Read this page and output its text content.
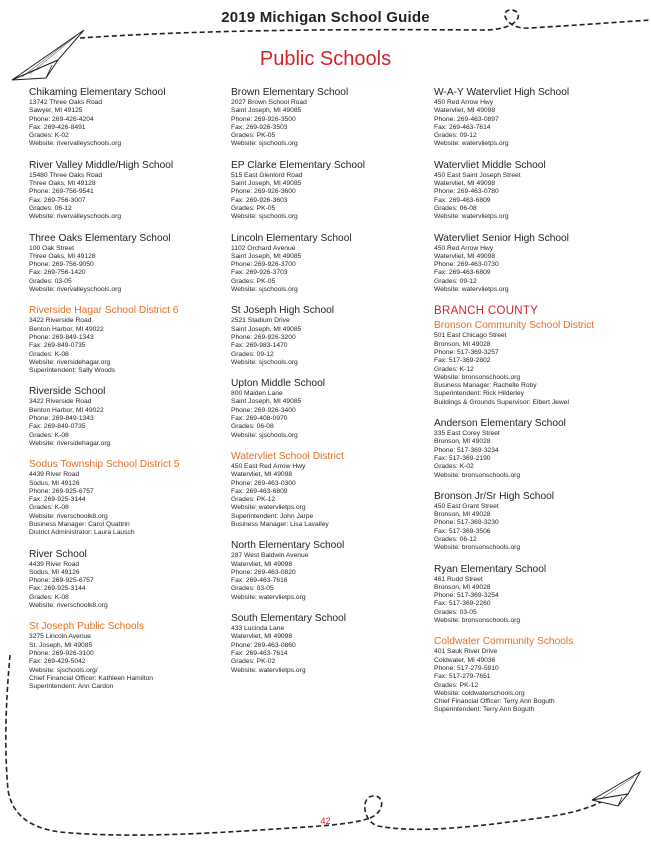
2019 Michigan School Guide
Public Schools
Chikaming Elementary School
13742 Three Oaks Road
Sawyer, MI 49125
Phone: 269-426-4204
Fax: 269-426-8491
Grades: K-02
Website: rivervalleyschools.org
River Valley Middle/High School
15480 Three Oaks Road
Three Oaks, MI 49128
Phone: 269-756-9541
Fax: 269-756-3007
Grades: 06-12
Website: rivervalleyschools.org
Three Oaks Elementary School
100 Oak Street
Three Oaks, MI 49128
Phone: 269-756-9050
Fax: 269-756-1420
Grades: 03-05
Website: rivervalleyschools.org
Riverside Hagar School District 6
3422 Riverside Road
Benton Harbor, MI 49022
Phone: 269-849-1343
Fax: 269-849-0735
Grades: K-08
Website: riversidehagar.org
Superintendent: Sally Woods
Riverside School
3422 Riverside Road
Benton Harbor, MI 49022
Phone: 269-849-1343
Fax: 269-849-0735
Grades: K-08
Website: riversidehagar.org
Sodus Township School District 5
4439 River Road
Sodus, MI 49126
Phone: 269-925-6757
Fax: 269-925-3144
Grades: K-08
Website: riverschoolk8.org
Business Manager: Carol Quattrin
District Administrator: Laura Lausch
River School
4439 River Road
Sodus, MI 49126
Phone: 269-925-6757
Fax: 269-925-3144
Grades: K-08
Website: riverschoolk8.org
St Joseph Public Schools
3275 Lincoln Avenue
St. Joseph, MI 49085
Phone: 269-926-3100
Fax: 269-429-5042
Website: sjschools.org/
Chief Financial Officer: Kathleen Hamilton
Superintendent: Ann Cardon
Brown Elementary School
2027 Brown School Road
Saint Joseph, MI 49085
Phone: 269-926-3500
Fax: 269-926-3503
Grades: PK-05
Website: sjschools.org
EP Clarke Elementary School
515 East Glenlord Road
Saint Joseph, MI 49085
Phone: 269-926-3600
Fax: 269-926-3603
Grades: PK-05
Website: sjschools.org
Lincoln Elementary School
1102 Orchard Avenue
Saint Joseph, MI 49085
Phone: 269-926-3700
Fax: 269-926-3703
Grades: PK-05
Website: sjschools.org
St Joseph High School
2521 Stadium Drive
Saint Joseph, MI 49085
Phone: 269-926-3200
Fax: 269-983-1470
Grades: 09-12
Website: sjschools.org
Upton Middle School
800 Maiden Lane
Saint Joseph, MI 49085
Phone: 269-926-3400
Fax: 269-408-0970
Grades: 06-08
Website: sjschools.org
Watervliet School District
450 East Red Arrow Hwy
Watervliet, MI 49098
Phone: 269-463-0300
Fax: 269-463-6809
Grades: PK-12
Website: watervlietps.org
Superintendent: John Jarpe
Business Manager: Lisa Lavalley
North Elementary School
287 West Baldwin Avenue
Watervliet, MI 49098
Phone: 269-463-0820
Fax: 269-463-7616
Grades: 03-05
Website: watervlietps.org
South Elementary School
433 Lucinda Lane
Watervliet, MI 49098
Phone: 269-463-0860
Fax: 269-463-7614
Grades: PK-02
Website: watervlietps.org
W-A-Y Watervliet High School
450 Red Arrow Hwy
Watervliet, MI 49098
Phone: 269-463-0897
Fax: 269-463-7614
Grades: 09-12
Website: watervlietps.org
Watervliet Middle School
450 East Saint Joseph Street
Watervliet, MI 49098
Phone: 269-463-0780
Fax: 269-463-6809
Grades: 06-08
Website: watervlietps.org
Watervliet Senior High School
450 Red Arrow Hwy
Watervliet, MI 49098
Phone: 269-463-0730
Fax: 269-463-6809
Grades: 09-12
Website: watervlietps.org
BRANCH COUNTY
Bronson Community School District
501 East Chicago Street
Bronson, MI 49028
Phone: 517-369-3257
Fax: 517-369-2802
Grades: K-12
Website: bronsonschools.org
Business Manager: Rachelle Roby
Superintendent: Rick Hilderley
Buildings & Grounds Supervisor: Elbert Jewel
Anderson Elementary School
335 East Corey Street
Bronson, MI 49028
Phone: 517-369-3234
Fax: 517-369-2190
Grades: K-02
Website: bronsonschools.org
Bronson Jr/Sr High School
450 East Grant Street
Bronson, MI 49028
Phone: 517-369-3230
Fax: 517-369-3506
Grades: 06-12
Website: bronsonschools.org
Ryan Elementary School
461 Rudd Street
Bronson, MI 49028
Phone: 517-369-3254
Fax: 517-369-2260
Grades: 03-05
Website: bronsonschools.org
Coldwater Community Schools
401 Sauk River Drive
Coldwater, MI 49036
Phone: 517-279-5910
Fax: 517-279-7651
Grades: PK-12
Website: coldwaterschools.org
Chief Financial Officer: Terry Ann Boguth
Superintendent: Terry Ann Boguth
42
